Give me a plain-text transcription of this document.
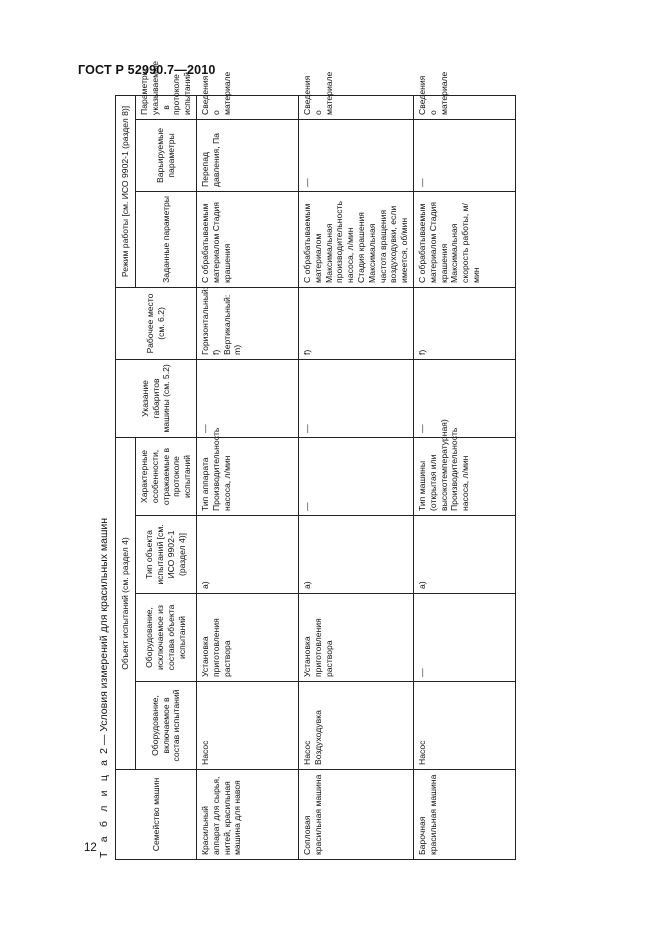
ГОСТ Р 52990.7—2010
Т а б л и ц а 2 — Условия измерений для красильных машин
Семейство машин	Объект испытаний (см. раздел 4)				Указание габаритов машины (см. 5.2)	Рабочее место (см. 6.2)	Режим работы [см. ИСО 9902-1 (раздел 8)]		
	Оборудование, включаемое в состав испытаний	Оборудование, исключаемое из состава объекта испытаний	Тип объекта испытаний [см. ИСО 9902-1 (раздел 4)]	Характерные особенности, отражаемые в протоколе испытаний			Заданные параметры	Варьируемые параметры	Параметры, указываемые в протоколе испытаний
Красильный аппарат для сырья, нитей, красильная машина для навоя	Насос	Установка приготовления раствора	a)	Тип аппарата Производительность насоса, л/мин	—	Горизонтальный: f) Вертикальный: m)	С обрабатываемым материалом Стадия крашения	Перепад давления, Па	Сведения о материале
Сопловая красильная машина	Насос Воздуходувка	Установка приготовления раствора	a)	—	—	f)	С обрабатываемым материалом Максимальная производительность насоса, л/мин Стадия крашения Максимальная частота вращения воздуходувки, если имеется, об/мин	—	Сведения о материале
Барочная красильная машина	Насос	—	a)	Тип машины (открытая или высокотемпературная) Производительность насоса, л/мин	—	f)	С обрабатываемым материалом Стадия крашения Максимальная скорость работы, м/мин	—	Сведения о материале
12
